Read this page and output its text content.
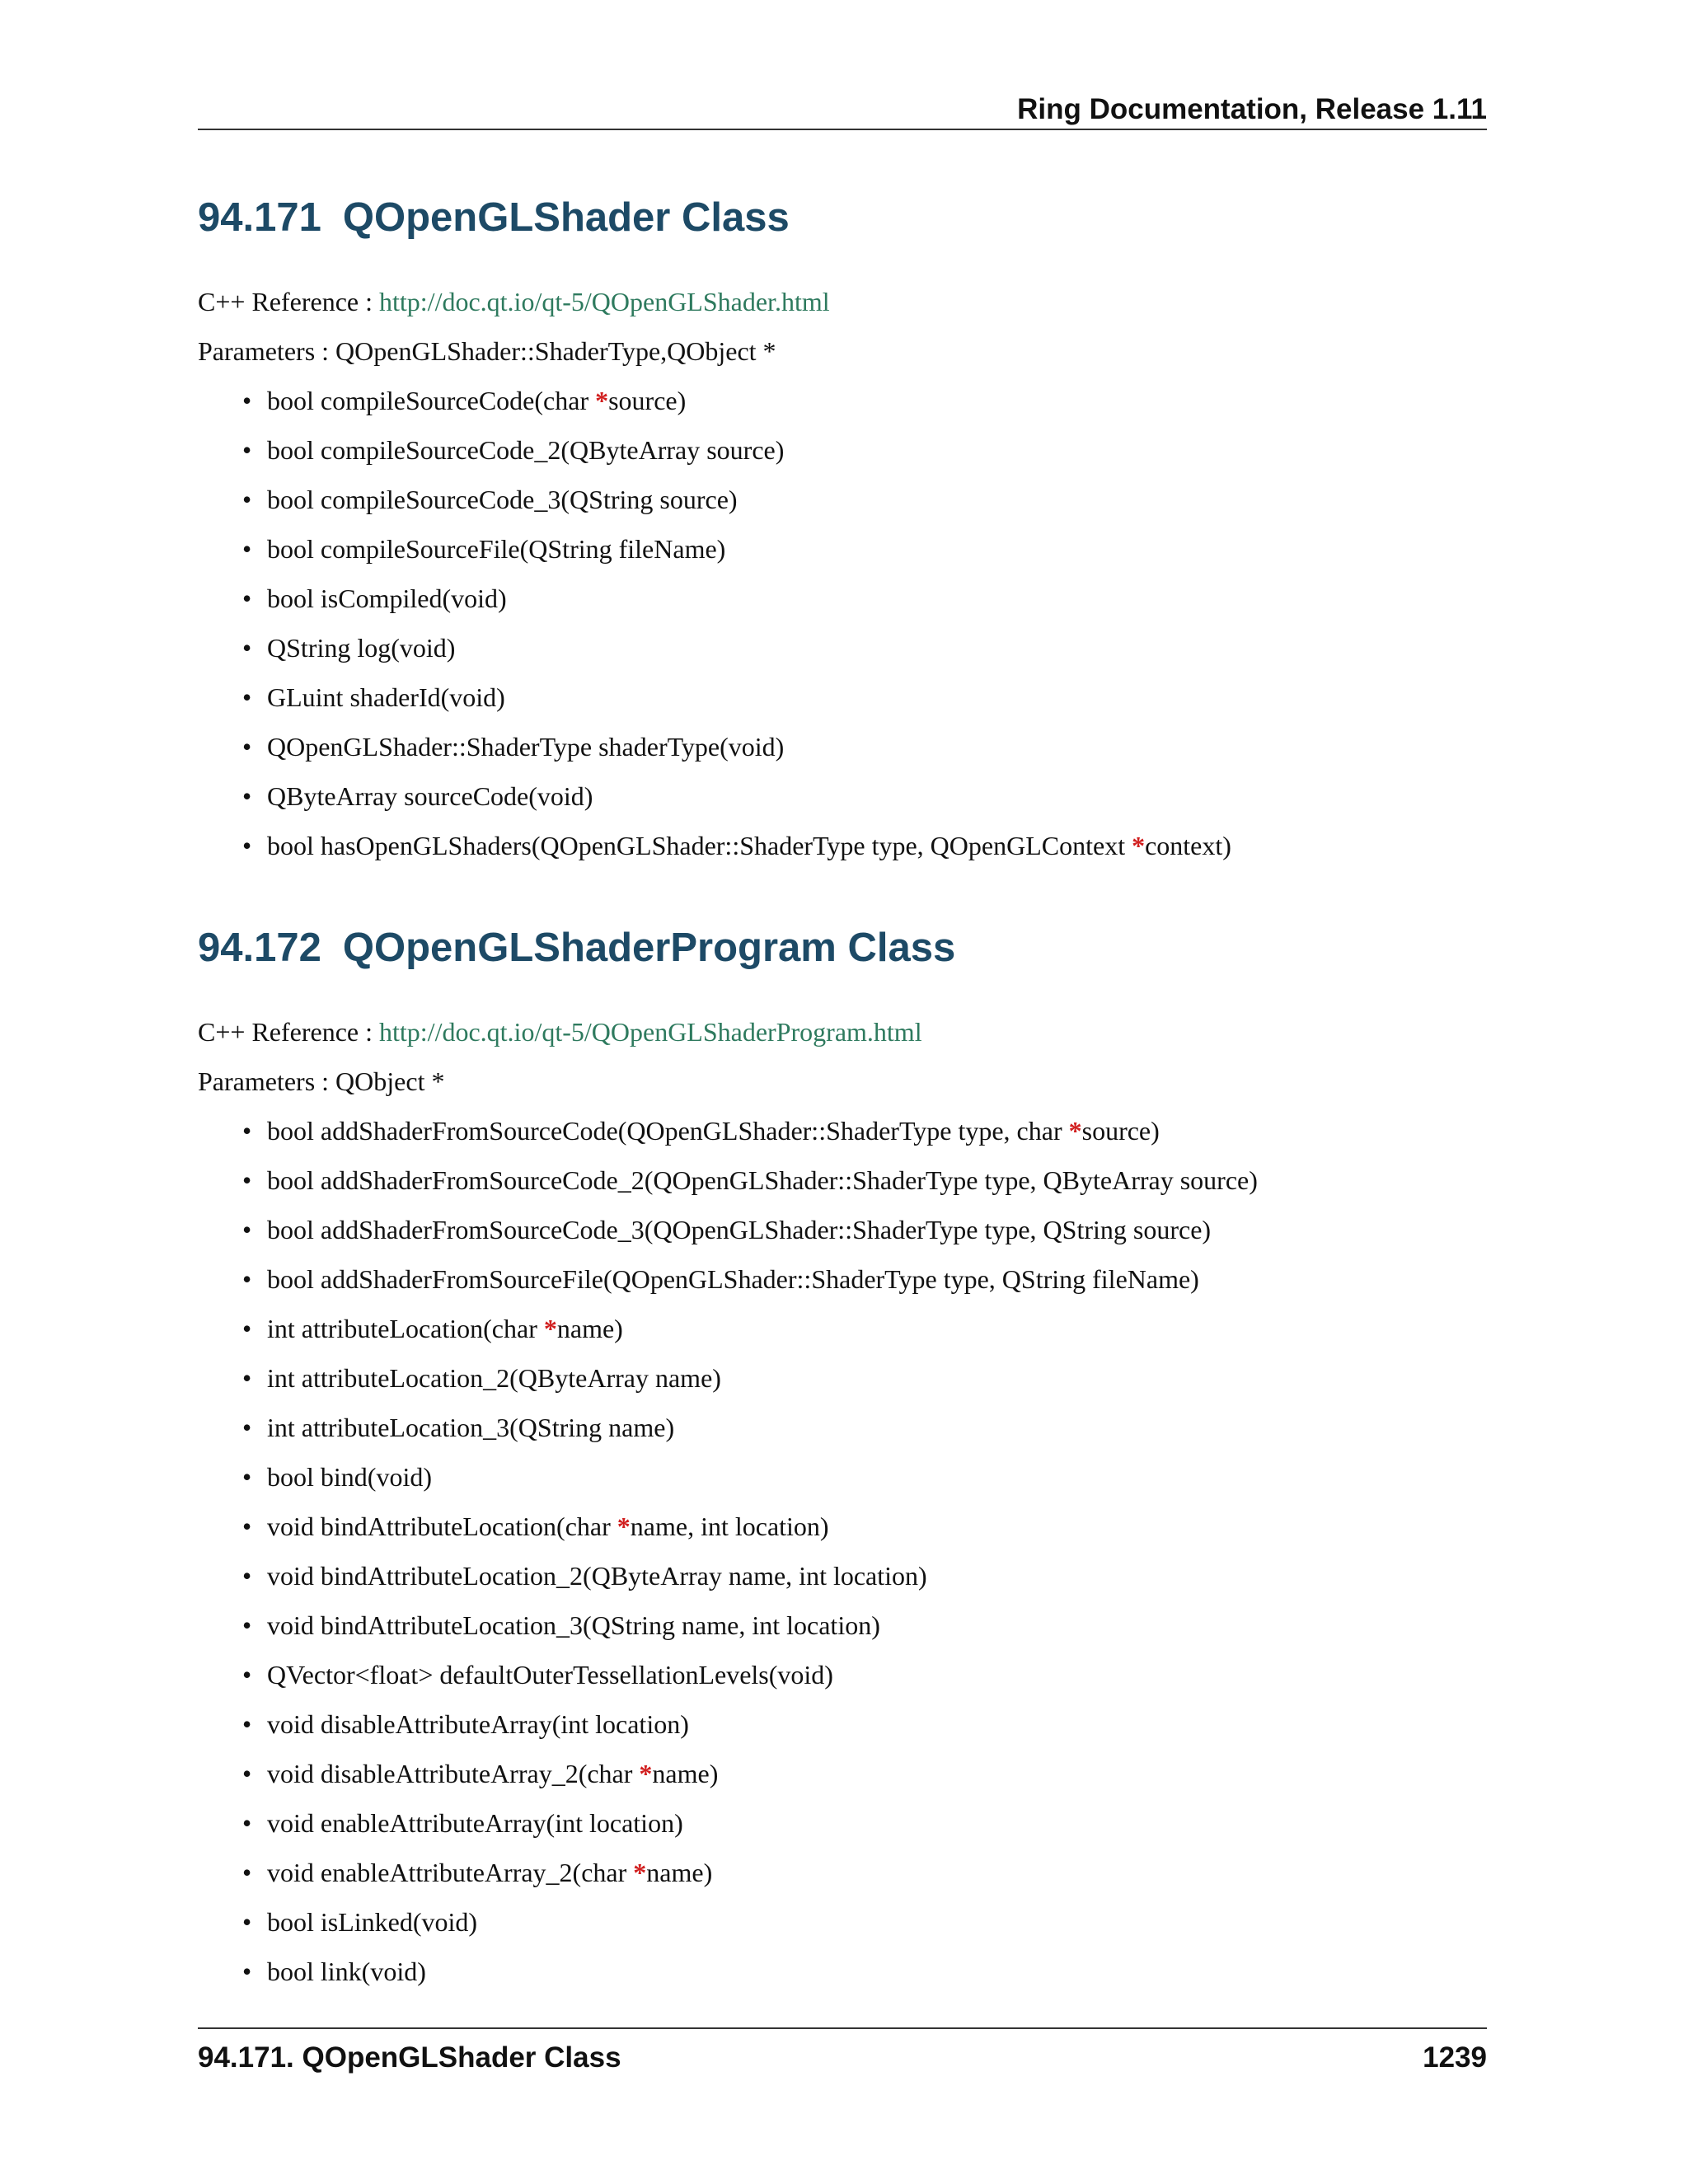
Ring Documentation, Release 1.11
94.171 QOpenGLShader Class
C++ Reference : http://doc.qt.io/qt-5/QOpenGLShader.html
Parameters : QOpenGLShader::ShaderType,QObject *
• bool compileSourceCode(char *source)
• bool compileSourceCode_2(QByteArray source)
• bool compileSourceCode_3(QString source)
• bool compileSourceFile(QString fileName)
• bool isCompiled(void)
• QString log(void)
• GLuint shaderId(void)
• QOpenGLShader::ShaderType shaderType(void)
• QByteArray sourceCode(void)
• bool hasOpenGLShaders(QOpenGLShader::ShaderType type, QOpenGLContext *context)
94.172 QOpenGLShaderProgram Class
C++ Reference : http://doc.qt.io/qt-5/QOpenGLShaderProgram.html
Parameters : QObject *
• bool addShaderFromSourceCode(QOpenGLShader::ShaderType type, char *source)
• bool addShaderFromSourceCode_2(QOpenGLShader::ShaderType type, QByteArray source)
• bool addShaderFromSourceCode_3(QOpenGLShader::ShaderType type, QString source)
• bool addShaderFromSourceFile(QOpenGLShader::ShaderType type, QString fileName)
• int attributeLocation(char *name)
• int attributeLocation_2(QByteArray name)
• int attributeLocation_3(QString name)
• bool bind(void)
• void bindAttributeLocation(char *name, int location)
• void bindAttributeLocation_2(QByteArray name, int location)
• void bindAttributeLocation_3(QString name, int location)
• QVector<float> defaultOuterTessellationLevels(void)
• void disableAttributeArray(int location)
• void disableAttributeArray_2(char *name)
• void enableAttributeArray(int location)
• void enableAttributeArray_2(char *name)
• bool isLinked(void)
• bool link(void)
94.171. QOpenGLShader Class	1239
